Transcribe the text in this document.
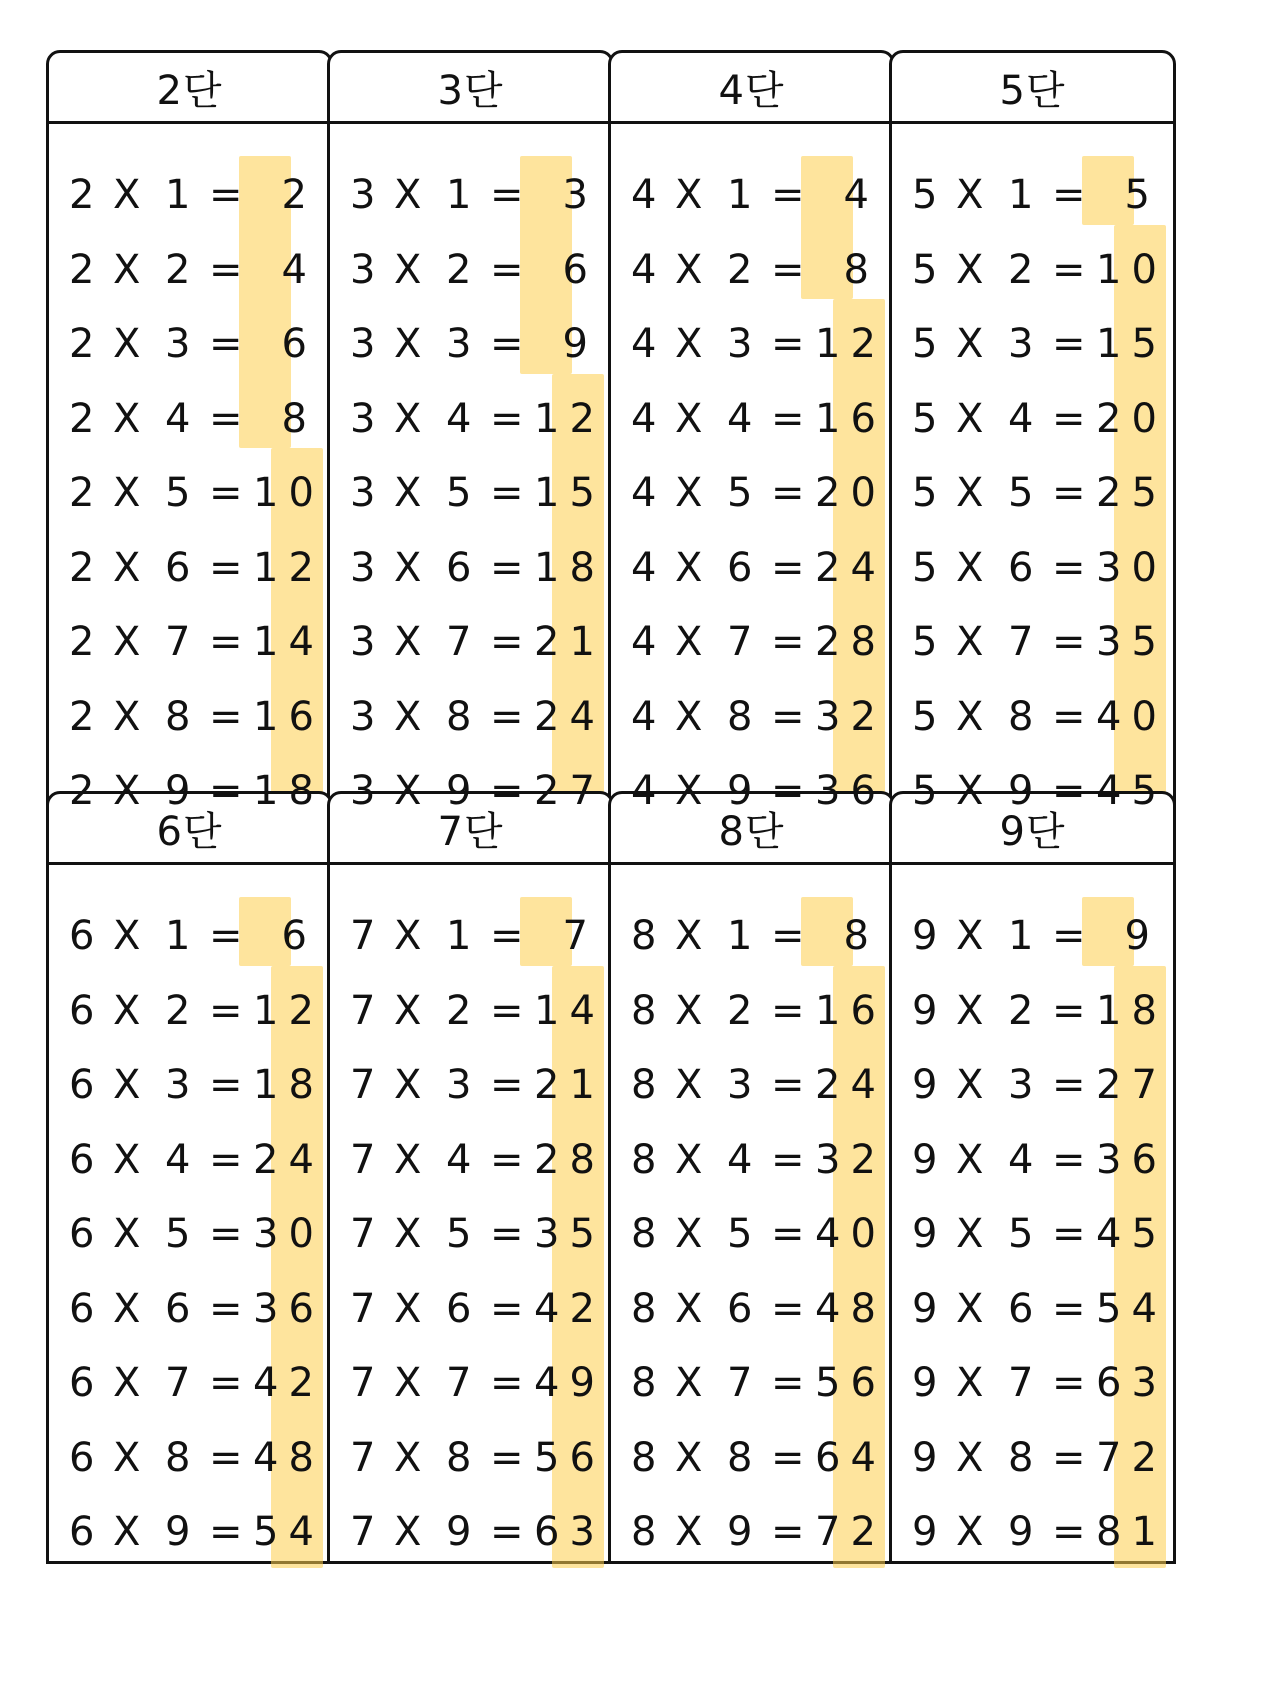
2단
2 X 1 = 2
2 X 2 = 4
2 X 3 = 6
2 X 4 = 8
2 X 5 = 10
2 X 6 = 12
2 X 7 = 14
2 X 8 = 16
2 X 9 = 18
3단
3 X 1 = 3
3 X 2 = 6
3 X 3 = 9
3 X 4 = 12
3 X 5 = 15
3 X 6 = 18
3 X 7 = 21
3 X 8 = 24
3 X 9 = 27
4단
4 X 1 = 4
4 X 2 = 8
4 X 3 = 12
4 X 4 = 16
4 X 5 = 20
4 X 6 = 24
4 X 7 = 28
4 X 8 = 32
4 X 9 = 36
5단
5 X 1 = 5
5 X 2 = 10
5 X 3 = 15
5 X 4 = 20
5 X 5 = 25
5 X 6 = 30
5 X 7 = 35
5 X 8 = 40
5 X 9 = 45
6단
6 X 1 = 6
6 X 2 = 12
6 X 3 = 18
6 X 4 = 24
6 X 5 = 30
6 X 6 = 36
6 X 7 = 42
6 X 8 = 48
6 X 9 = 54
7단
7 X 1 = 7
7 X 2 = 14
7 X 3 = 21
7 X 4 = 28
7 X 5 = 35
7 X 6 = 42
7 X 7 = 49
7 X 8 = 56
7 X 9 = 63
8단
8 X 1 = 8
8 X 2 = 16
8 X 3 = 24
8 X 4 = 32
8 X 5 = 40
8 X 6 = 48
8 X 7 = 56
8 X 8 = 64
8 X 9 = 72
9단
9 X 1 = 9
9 X 2 = 18
9 X 3 = 27
9 X 4 = 36
9 X 5 = 45
9 X 6 = 54
9 X 7 = 63
9 X 8 = 72
9 X 9 = 81
